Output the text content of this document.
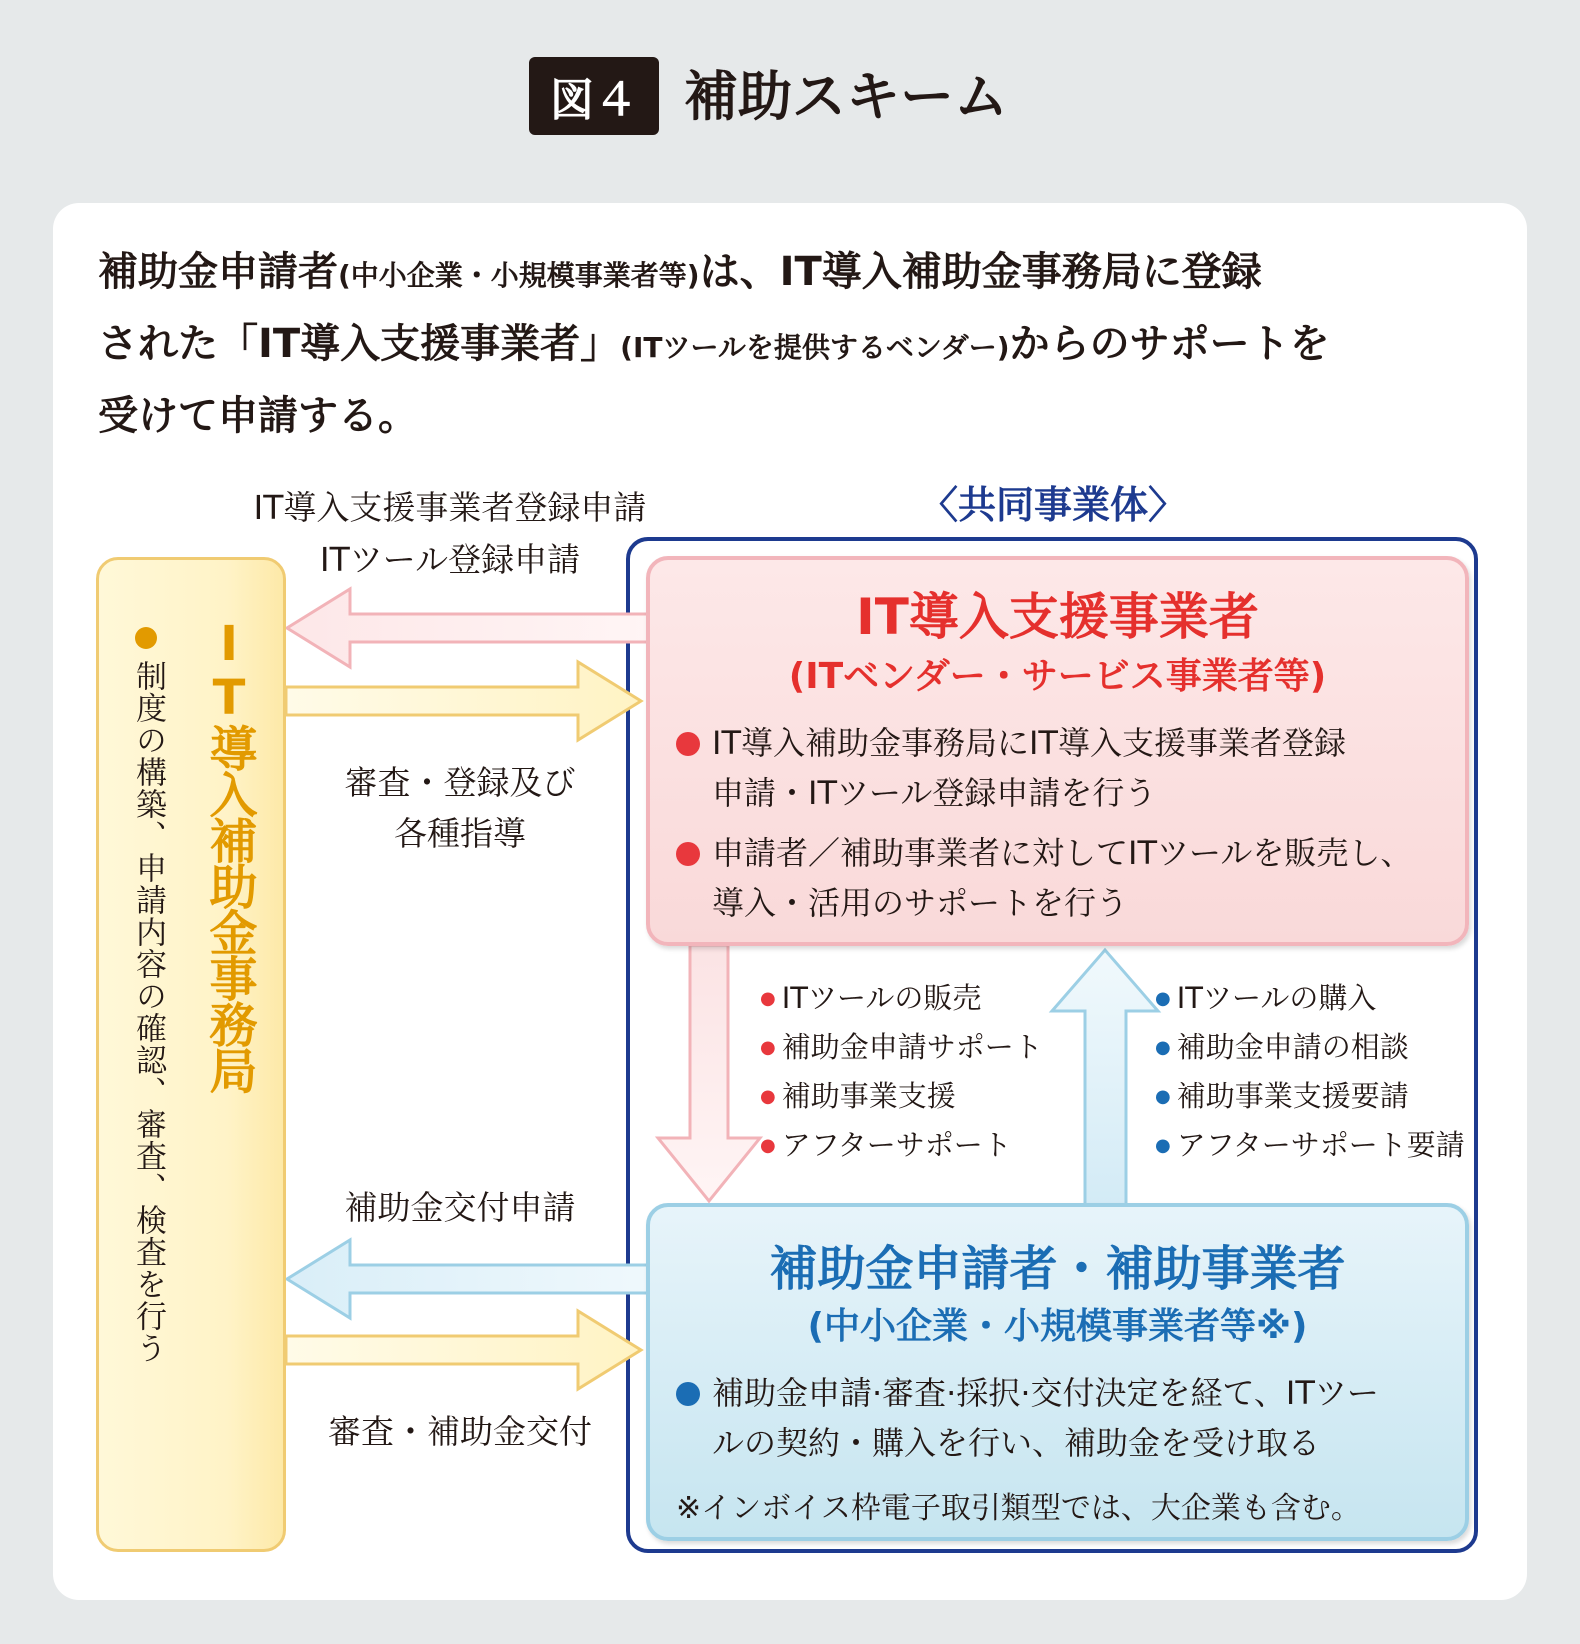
図４ 補助スキーム

補助金申請者(中小企業・小規模事業者等)は、IT導入補助金事務局に登録

された「IT導入支援事業者」(ITツールを提供するベンダー)からのサポートを

受けて申請する。

〈共同事業体〉
IT導入補助金事務局
制度の構築、申請内容の確認、審査、検査を行う
IT導入支援事業者
(ITベンダー・サービス事業者等)
IT導入補助金事務局にIT導入支援事業者登録
申請・ITツール登録申請を行う
申請者／補助事業者に対してITツールを販売し、
導入・活用のサポートを行う
補助金申請者・補助事業者
(中小企業・小規模事業者等※)
補助金申請·審査·採択·交付決定を経て、ITツー
ルの契約・購入を行い、補助金を受け取る
※インボイス枠電子取引類型では、大企業も含む。
IT導入支援事業者登録申請
ITツール登録申請
審査・登録及び
各種指導
補助金交付申請
審査・補助金交付
● ITツールの販売
● 補助金申請サポート
● 補助事業支援
● アフターサポート
● ITツールの購入
● 補助金申請の相談
● 補助事業支援要請
● アフターサポート要請
